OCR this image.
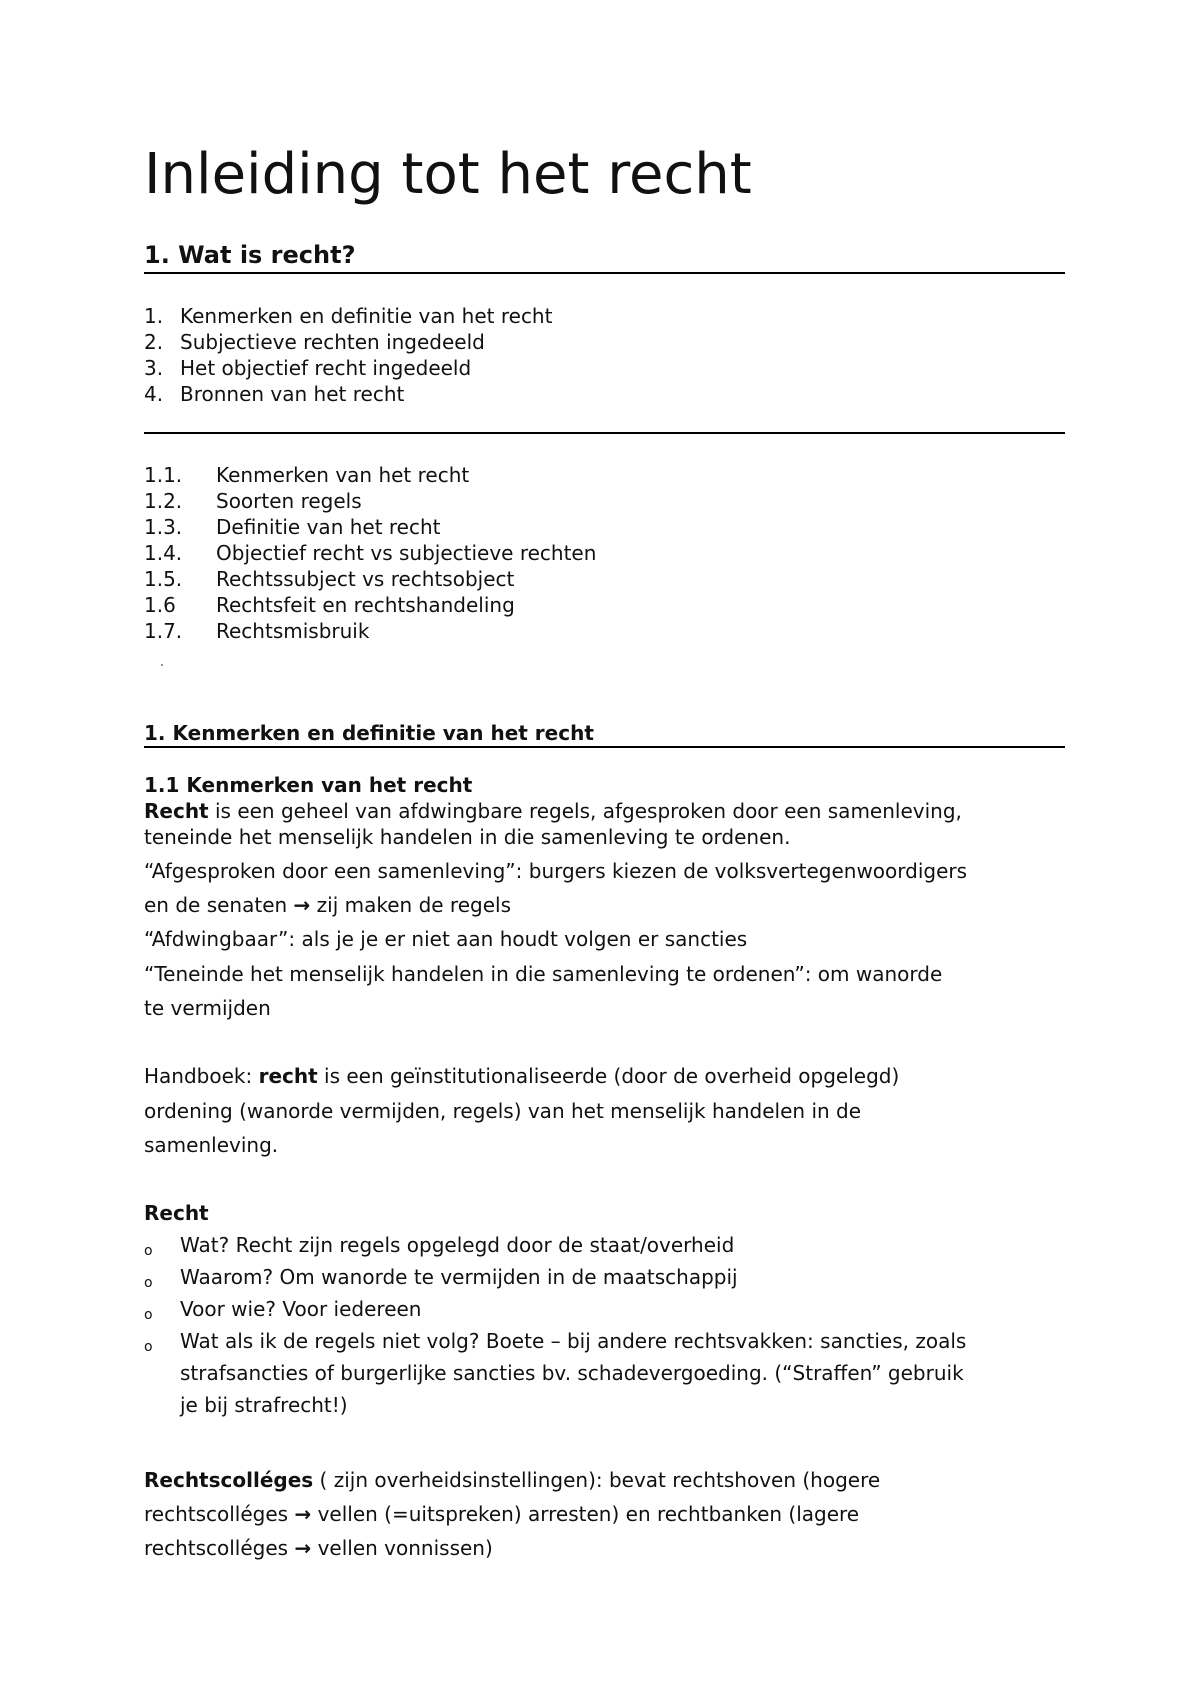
Inleiding tot het recht
1. Wat is recht?
1. Kenmerken en definitie van het recht
2. Subjectieve rechten ingedeeld
3. Het objectief recht ingedeeld
4. Bronnen van het recht
1.1. Kenmerken van het recht
1.2. Soorten regels
1.3. Definitie van het recht
1.4. Objectief recht vs subjectieve rechten
1.5. Rechtssubject vs rechtsobject
1.6 Rechtsfeit en rechtshandeling
1.7. Rechtsmisbruik
1. Kenmerken en definitie van het recht
1.1 Kenmerken van het recht
Recht is een geheel van afdwingbare regels, afgesproken door een samenleving,
teneinde het menselijk handelen in die samenleving te ordenen.
“Afgesproken door een samenleving”: burgers kiezen de volksvertegenwoordigers
en de senaten → zij maken de regels
“Afdwingbaar”: als je je er niet aan houdt volgen er sancties
“Teneinde het menselijk handelen in die samenleving te ordenen”: om wanorde
te vermijden
Handboek: recht is een geïnstitutionaliseerde (door de overheid opgelegd)
ordening (wanorde vermijden, regels) van het menselijk handelen in de
samenleving.
Recht
o Wat? Recht zijn regels opgelegd door de staat/overheid
o Waarom? Om wanorde te vermijden in de maatschappij
o Voor wie? Voor iedereen
o Wat als ik de regels niet volg? Boete – bij andere rechtsvakken: sancties, zoals
strafsancties of burgerlijke sancties bv. schadevergoeding. (“Straffen” gebruik
je bij strafrecht!)
Rechtscolléges ( zijn overheidsinstellingen): bevat rechtshoven (hogere
rechtscolléges → vellen (=uitspreken) arresten) en rechtbanken (lagere
rechtscolléges → vellen vonnissen)
